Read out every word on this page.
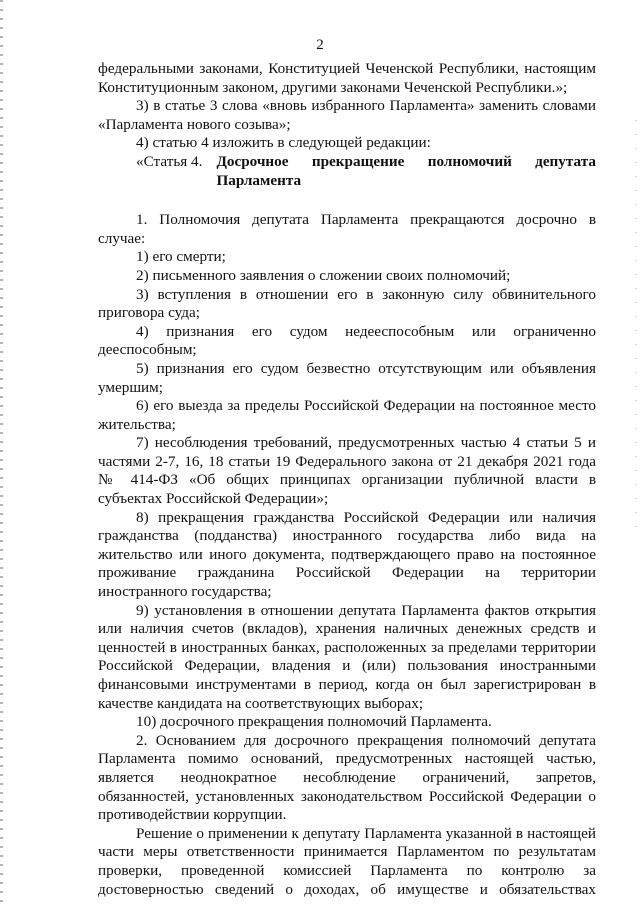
2

федеральными законами, Конституцией Чеченской Республики, настоящим Конституционным законом, другими законами Чеченской Республики.»;

3) в статье 3 слова «вновь избранного Парламента» заменить словами «Парламента нового созыва»;

4) статью 4 изложить в следующей редакции:

«Статья 4. Досрочное прекращение полномочий депутата Парламента

1. Полномочия депутата Парламента прекращаются досрочно в случае:

1) его смерти;

2) письменного заявления о сложении своих полномочий;

3) вступления в отношении его в законную силу обвинительного приговора суда;

4) признания его судом недееспособным или ограниченно дееспособным;

5) признания его судом безвестно отсутствующим или объявления умершим;

6) его выезда за пределы Российской Федерации на постоянное место жительства;

7) несоблюдения требований, предусмотренных частью 4 статьи 5 и частями 2-7, 16, 18 статьи 19 Федерального закона от 21 декабря 2021 года № 414-ФЗ «Об общих принципах организации публичной власти в субъектах Российской Федерации»;

8) прекращения гражданства Российской Федерации или наличия гражданства (подданства) иностранного государства либо вида на жительство или иного документа, подтверждающего право на постоянное проживание гражданина Российской Федерации на территории иностранного государства;

9) установления в отношении депутата Парламента фактов открытия или наличия счетов (вкладов), хранения наличных денежных средств и ценностей в иностранных банках, расположенных за пределами территории Российской Федерации, владения и (или) пользования иностранными финансовыми инструментами в период, когда он был зарегистрирован в качестве кандидата на соответствующих выборах;

10) досрочного прекращения полномочий Парламента.

2. Основанием для досрочного прекращения полномочий депутата Парламента помимо оснований, предусмотренных настоящей частью, является неоднократное несоблюдение ограничений, запретов, обязанностей, установленных законодательством Российской Федерации о противодействии коррупции.

Решение о применении к депутату Парламента указанной в настоящей части меры ответственности принимается Парламентом по результатам проверки, проведенной комиссией Парламента по контролю за достоверностью сведений о доходах, об имуществе и обязательствах
